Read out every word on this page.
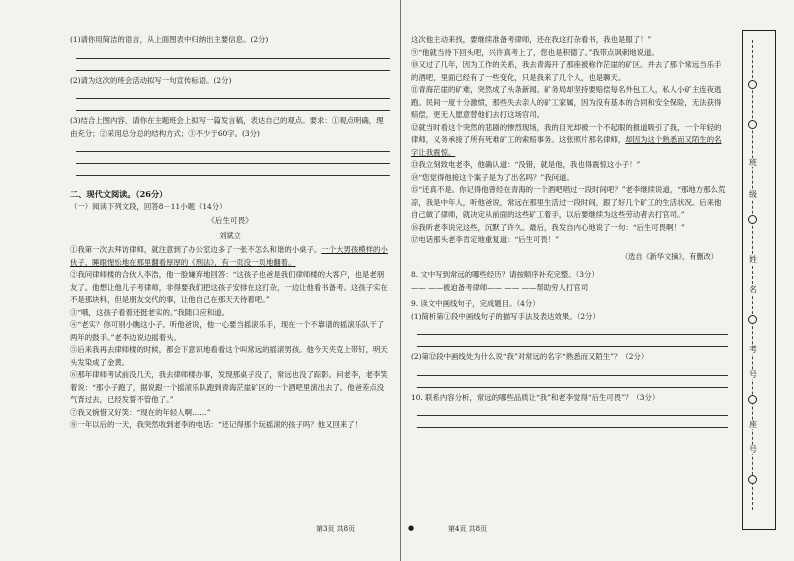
(1)请你用简洁的语言，从上面图表中归纳出主要信息。(2分)

(2)请为这次的班会活动拟写一句宣传标语。(2分)

(3)结合上图内容，请你在主题班会上拟写一篇发言稿，表达自己的观点。要求：①观点明确，理由充分；②采用总分总的结构方式；③不少于60字。(3分)

二、现代文阅读。（26分）

（一）阅读下列文段，回答8－11小题（14分）

《后生可畏》

刘斌立

①我第一次去拜访律师，就注意到了办公室边多了一张不怎么和谐的小桌子。一个大男孩模样的小伙子，睡眼惺忪地在那里翻看厚厚的《刑法》，有一页没一页地翻着。

②我问律师楼的合伙人李浩，他一脸嫌弃地回答：“这孩子也爸是我们律师楼的大客户，也是老朋友了。他想让他儿子考律师，非得要我们把这孩子安排在这打杂，一边让他看书备考。这孩子实在不是那块料，但是朋友交代的事，让他自己在那天天待着吧。”

③“哦，这孩子看着还挺老实的。”我随口应和道。

④“老实？你可别小瞧这小子。听他爸说，他一心要当摇滚乐手，现在一个不靠谱的摇滚乐队干了两年的鼓手。”老李边说边摇着头。

⑤后来我再去律师楼的时候，都会下意识地看看这个叫常远的摇滚男孩。他今天夹克上带钉，明天头发染成了金黄。

⑥那年律师考试前没几天，我去律师楼办事，发现那桌子没了，常远也没了踪影。问老李，老李笑着说：“那小子跑了，据说跟一个摇滚乐队跑到青海茫崖矿区的一个酒吧里演出去了。他爸差点没气背过去，已经发誓不管他了。”

⑦我又惋惜又好笑：“现在的年轻人啊……”

⑧一年以后的一天，我突然收到老李的电话：“还记得那个玩摇滚的孩子吗？他又回来了！

这次他主动来找，要继续准备考律师，还在我这打杂看书，我也是服了！”

⑨“他就当待下回头吧，兴许真考上了，您也是积德了。”我带点讽刺地说道。

⑩又过了几年，因为工作的关系，我去青海开了那座被称作茫崖的矿区。并去了那个常远当乐手的酒吧，里面已经有了一些变化，只是我来了几个人，也是聊天。

⑪青海茫崖的矿难，突然成了头条新闻。矿务局却坚持要赔偿每名外包工人，私人小矿主连夜逃跑。民间一度十分激愤，那些失去亲人的矿工家属，因为没有基本的合同和安全保险，无法获得赔偿，更无人愿意替他们去打这场官司。

⑫就当时看这个突然的悲剧的惨烈现场，我的目光却被一个不起眼的报道吸引了我，一个年轻的律师，义务承接了所有死难矿工的索赔事务。这张照片那名律师，却因为这个熟悉而又陌生的名字让我震惊。

⑬我立刻致电老李，他确认道：“没错，就是他，我也得震惊这小子！”

⑭“您觉得他接这个案子是为了出名吗？”我问道。

⑮“还真不是。你记得他曾经在青海的一个酒吧唱过一段时间吧？”老李继续说道，“那地方那么荒凉，我是中年人，听他爸说，常远在那里生活过一段时间，跟了好几个矿工的生活状况。后来他自己做了律师，就决定从前面的这些矿工着手，以后要继续为这些劳动者去打官司。”

⑯我听老李说完这些，沉默了许久。最后，我发自内心地说了一句：“后生可畏啊！”

⑰电话那头老李肯定地重复道：“后生可畏！”

（选自《新华文摘》，有删改）

8. 文中写到常远的哪些经历？请按顺序补充完整。（3分）

—— ——被迫备考律师—— —— ——帮助穷人打官司

9. 读文中画线句子，完成题目。（4分）

(1)简析第①段中画线句子的描写手法及表达效果。（2分）

(2)第⑫段中画线处为什么说“我”对常远的名字“熟悉而又陌生”？（2分）

10. 联系内容分析，常远的哪些品质让“我”和老李觉得“后生可畏”？（3分）

第3页 共8页	●	第4页 共8页
班
级
姓
名
考
号
座
号
